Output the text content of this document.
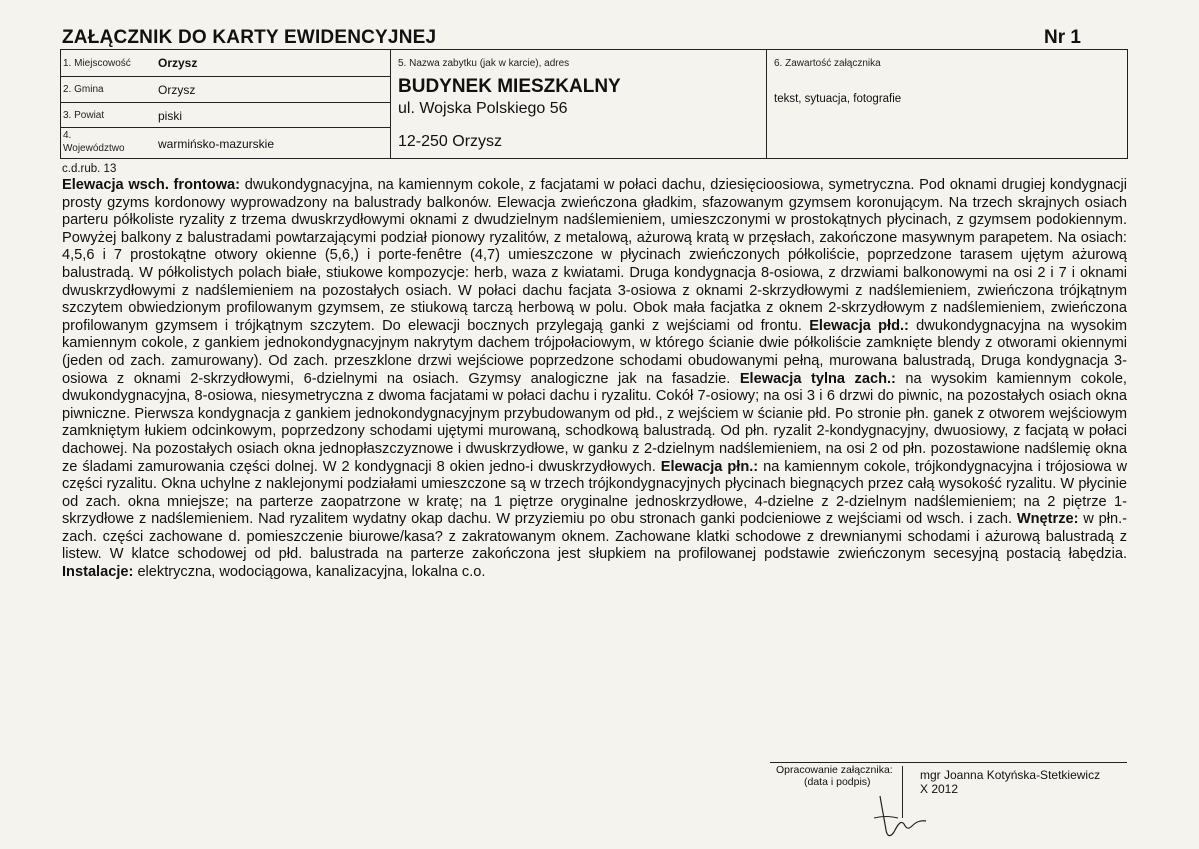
ZAŁĄCZNIK DO KARTY EWIDENCYJNEJ	Nr 1
1. Miejscowość Orzysz
2. Gmina	Orzysz
3. Powiat	piski
4.
Województwo	warmińsko-mazurskie
5. Nazwa zabytku (jak w karcie), adres
BUDYNEK MIESZKALNY
ul. Wojska Polskiego 56
12-250 Orzysz
6. Zawartość załącznika
tekst, sytuacja, fotografie
c.d.rub. 13
Elewacja wsch. frontowa: dwukondygnacyjna, na kamiennym cokole, z facjatami w połaci dachu, dziesięcioosiowa, symetryczna. Pod oknami drugiej kondygnacji prosty gzyms kordonowy wyprowadzony na balustrady balkonów. Elewacja zwieńczona gładkim, sfazowanym gzymsem koronującym. Na trzech skrajnych osiach parteru półkoliste ryzality z trzema dwuskrzydłowymi oknami z dwudzielnym nadślemieniem, umieszczonymi w prostokątnych płycinach, z gzymsem podokiennym. Powyżej balkony z balustradami powtarzającymi podział pionowy ryzalitów, z metalową, ażurową kratą w przęsłach, zakończone masywnym parapetem. Na osiach: 4,5,6 i 7 prostokątne otwory okienne (5,6,) i porte-fenêtre (4,7) umieszczone w płycinach zwieńczonych półkoliście, poprzedzone tarasem ujętym ażurową balustradą. W półkolistych polach białe, stiukowe kompozycje: herb, waza z kwiatami. Druga kondygnacja 8-osiowa, z drzwiami balkonowymi na osi 2 i 7 i oknami dwuskrzydłowymi z nadślemieniem na pozostałych osiach. W połaci dachu facjata 3-osiowa z oknami 2-skrzydłowymi z nadślemieniem, zwieńczona trójkątnym szczytem obwiedzionym profilowanym gzymsem, ze stiukową tarczą herbową w polu. Obok mała facjatka z oknem 2-skrzydłowym z nadślemieniem, zwieńczona profilowanym gzymsem i trójkątnym szczytem. Do elewacji bocznych przylegają ganki z wejściami od frontu. Elewacja płd.: dwukondygnacyjna na wysokim kamiennym cokole, z gankiem jednokondygnacyjnym nakrytym dachem trójpołaciowym, w którego ścianie dwie półkoliście zamknięte blendy z otworami okiennymi (jeden od zach. zamurowany). Od zach. przeszklone drzwi wejściowe poprzedzone schodami obudowanymi pełną, murowana balustradą, Druga kondygnacja 3-osiowa z oknami 2-skrzydłowymi, 6-dzielnymi na osiach. Gzymsy analogiczne jak na fasadzie. Elewacja tylna zach.: na wysokim kamiennym cokole, dwukondygnacyjna, 8-osiowa, niesymetryczna z dwoma facjatami w połaci dachu i ryzalitu. Cokół 7-osiowy; na osi 3 i 6 drzwi do piwnic, na pozostałych osiach okna piwniczne. Pierwsza kondygnacja z gankiem jednokondygnacyjnym przybudowanym od płd., z wejściem w ścianie płd. Po stronie płn. ganek z otworem wejściowym zamkniętym łukiem odcinkowym, poprzedzony schodami ujętymi murowaną, schodkową balustradą. Od płn. ryzalit 2-kondygnacyjny, dwuosiowy, z facjatą w połaci dachowej. Na pozostałych osiach okna jednopłaszczyznowe i dwuskrzydłowe, w ganku z 2-dzielnym nadślemieniem, na osi 2 od płn. pozostawione nadślemię okna ze śladami zamurowania części dolnej. W 2 kondygnacji 8 okien jedno-i dwuskrzydłowych. Elewacja płn.: na kamiennym cokole, trójkondygnacyjna i trójosiowa w części ryzalitu. Okna uchylne z naklejonymi podziałami umieszczone są w trzech trójkondygnacyjnych płycinach biegnących przez całą wysokość ryzalitu. W płycinie od zach. okna mniejsze; na parterze zaopatrzone w kratę; na 1 piętrze oryginalne jednoskrzydłowe, 4-dzielne z 2-dzielnym nadślemieniem; na 2 piętrze 1-skrzydłowe z nadślemieniem. Nad ryzalitem wydatny okap dachu. W przyziemiu po obu stronach ganki podcieniowe z wejściami od wsch. i zach. Wnętrze: w płn.-zach. części zachowane d. pomieszczenie biurowe/kasa? z zakratowanym oknem. Zachowane klatki schodowe z drewnianymi schodami i ażurową balustradą z listew. W klatce schodowej od płd. balustrada na parterze zakończona jest słupkiem na profilowanej podstawie zwieńczonym secesyjną postacią łabędzia. Instalacje: elektryczna, wodociągowa, kanalizacyjna, lokalna c.o.
Opracowanie załącznika:
(data i podpis)	mgr Joanna Kotyńska-Stetkiewicz
X 2012
